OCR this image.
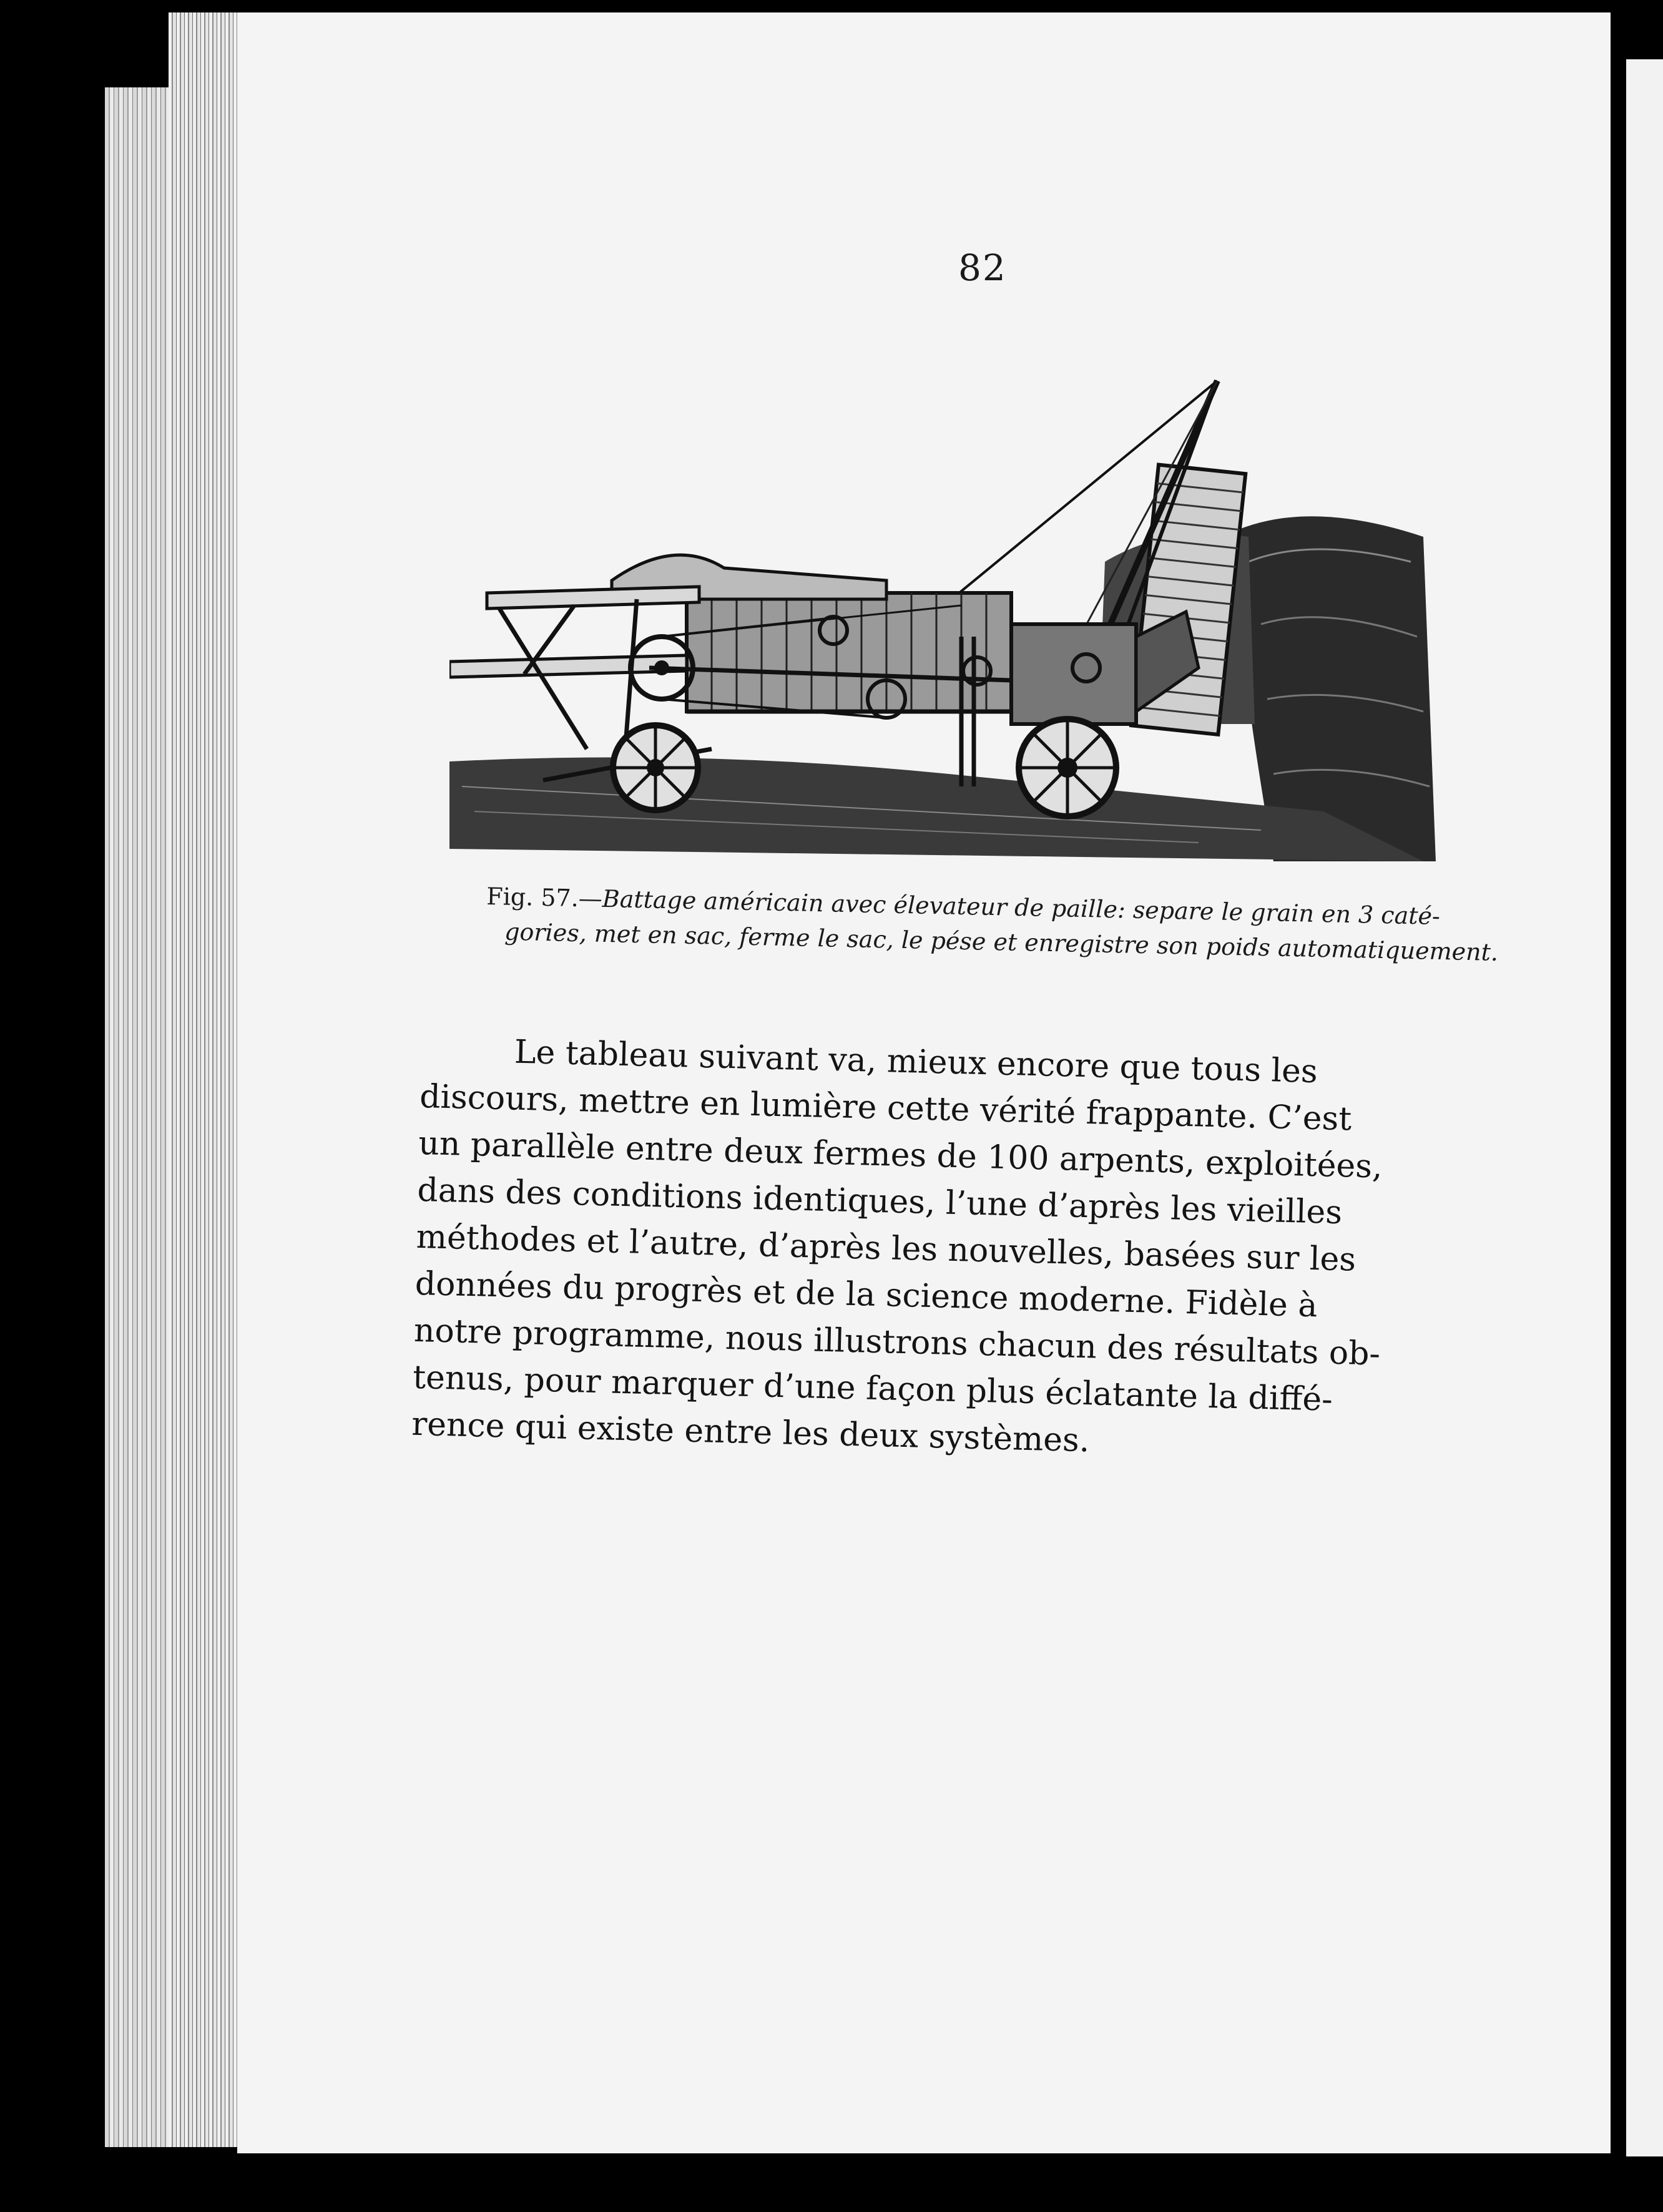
82
Fig. 57.—Battage américain avec élevateur de paille: separe le grain en 3 caté-
gories, met en sac, ferme le sac, le pése et enregistre son poids automatiquement.
Le tableau suivant va, mieux encore que tous les
discours, mettre en lumière cette vérité frappante. C’est
un parallèle entre deux fermes de 100 arpents, exploitées,
dans des conditions identiques, l’une d’après les vieilles
méthodes et l’autre, d’après les nouvelles, basées sur les
données du progrès et de la science moderne. Fidèle à
notre programme, nous illustrons chacun des résultats ob-
tenus, pour marquer d’une façon plus éclatante la diffé-
rence qui existe entre les deux systèmes.
